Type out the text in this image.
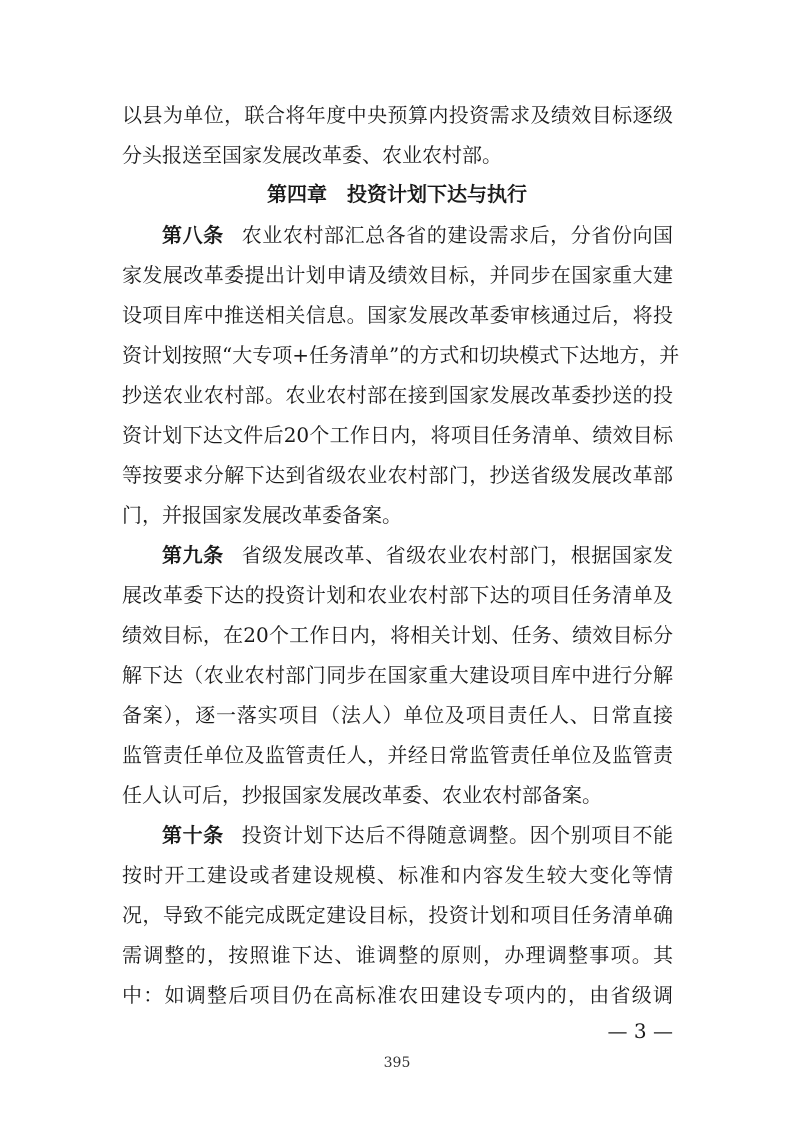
以县为单位，联合将年度中央预算内投资需求及绩效目标逐级
分头报送至国家发展改革委、农业农村部。
第四章　投资计划下达与执行
第八条 农业农村部汇总各省的建设需求后，分省份向国
家发展改革委提出计划申请及绩效目标，并同步在国家重大建
设项目库中推送相关信息。国家发展改革委审核通过后，将投
资计划按照“大专项+任务清单”的方式和切块模式下达地方，并
抄送农业农村部。农业农村部在接到国家发展改革委抄送的投
资计划下达文件后20个工作日内，将项目任务清单、绩效目标
等按要求分解下达到省级农业农村部门，抄送省级发展改革部
门，并报国家发展改革委备案。
第九条 省级发展改革、省级农业农村部门，根据国家发
展改革委下达的投资计划和农业农村部下达的项目任务清单及
绩效目标，在20个工作日内，将相关计划、任务、绩效目标分
解下达（农业农村部门同步在国家重大建设项目库中进行分解
备案），逐一落实项目（法人）单位及项目责任人、日常直接
监管责任单位及监管责任人，并经日常监管责任单位及监管责
任人认可后，抄报国家发展改革委、农业农村部备案。
第十条 投资计划下达后不得随意调整。因个别项目不能
按时开工建设或者建设规模、标准和内容发生较大变化等情
况，导致不能完成既定建设目标，投资计划和项目任务清单确
需调整的，按照谁下达、谁调整的原则，办理调整事项。其
中：如调整后项目仍在高标准农田建设专项内的，由省级调
— 3 —
395
